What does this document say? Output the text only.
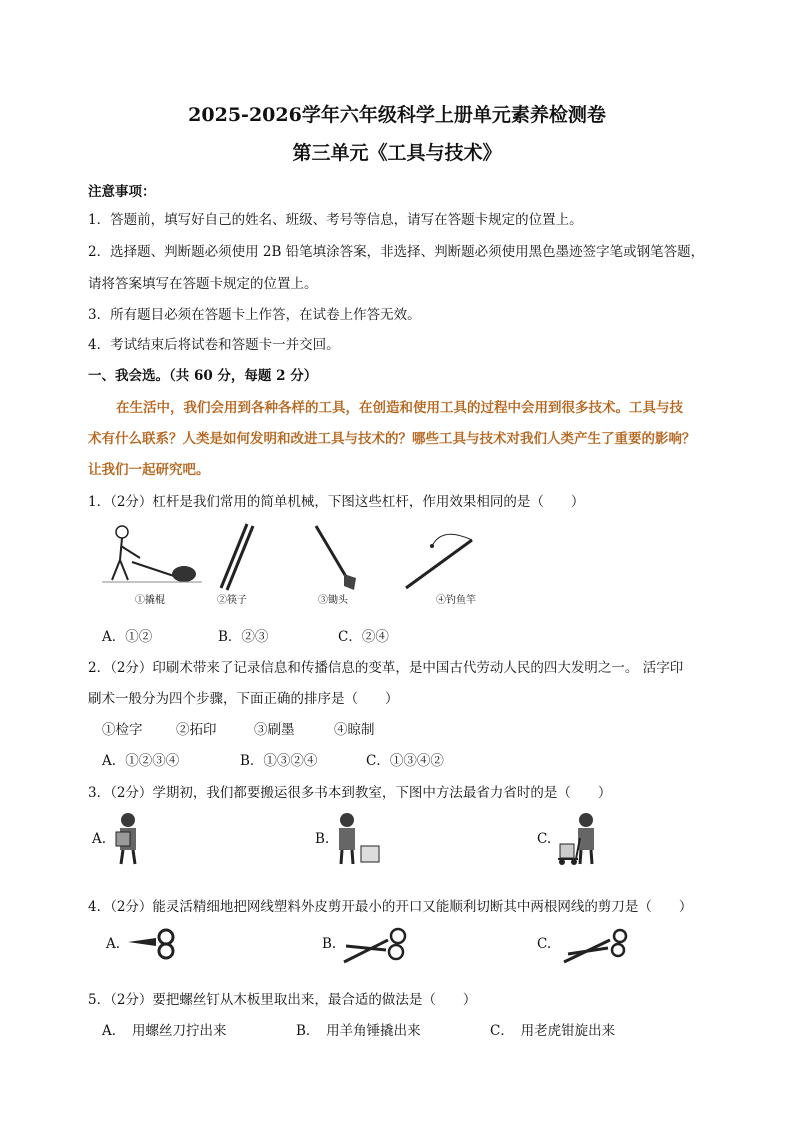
2025-2026学年六年级科学上册单元素养检测卷
第三单元《工具与技术》
注意事项：
1．答题前，填写好自己的姓名、班级、考号等信息，请写在答题卡规定的位置上。
2．选择题、判断题必须使用 2B 铅笔填涂答案，非选择、判断题必须使用黑色墨迹签字笔或钢笔答题，
请将答案填写在答题卡规定的位置上。
3．所有题目必须在答题卡上作答，在试卷上作答无效。
4．考试结束后将试卷和答题卡一并交回。
一、我会选。（共 60 分，每题 2 分）
在生活中，我们会用到各种各样的工具，在创造和使用工具的过程中会用到很多技术。工具与技
术有什么联系？人类是如何发明和改进工具与技术的？哪些工具与技术对我们人类产生了重要的影响？
让我们一起研究吧。
1．（2分）杠杆是我们常用的简单机械，下图这些杠杆，作用效果相同的是（　　）
①撬棍	②筷子	③锄头	④钓鱼竿
A．①②	B．②③	C．②④
2．（2分）印刷术带来了记录信息和传播信息的变革，是中国古代劳动人民的四大发明之一。 活字印
刷术一般分为四个步骤，下面正确的排序是（　　）
①检字 ②拓印	③刷墨	④晾制
A．①②③④	B．①③②④	C．①③④②
3．（2分）学期初，我们都要搬运很多书本到教室，下图中方法最省力省时的是（　　）
A.	B.	C.
4．（2分）能灵活精细地把网线塑料外皮剪开最小的开口又能顺利切断其中两根网线的剪刀是（　　）
A.	B.	C.
5．（2分）要把螺丝钉从木板里取出来，最合适的做法是（　　）
A．　用螺丝刀拧出来	B．　用羊角锤撬出来	C．　用老虎钳旋出来
